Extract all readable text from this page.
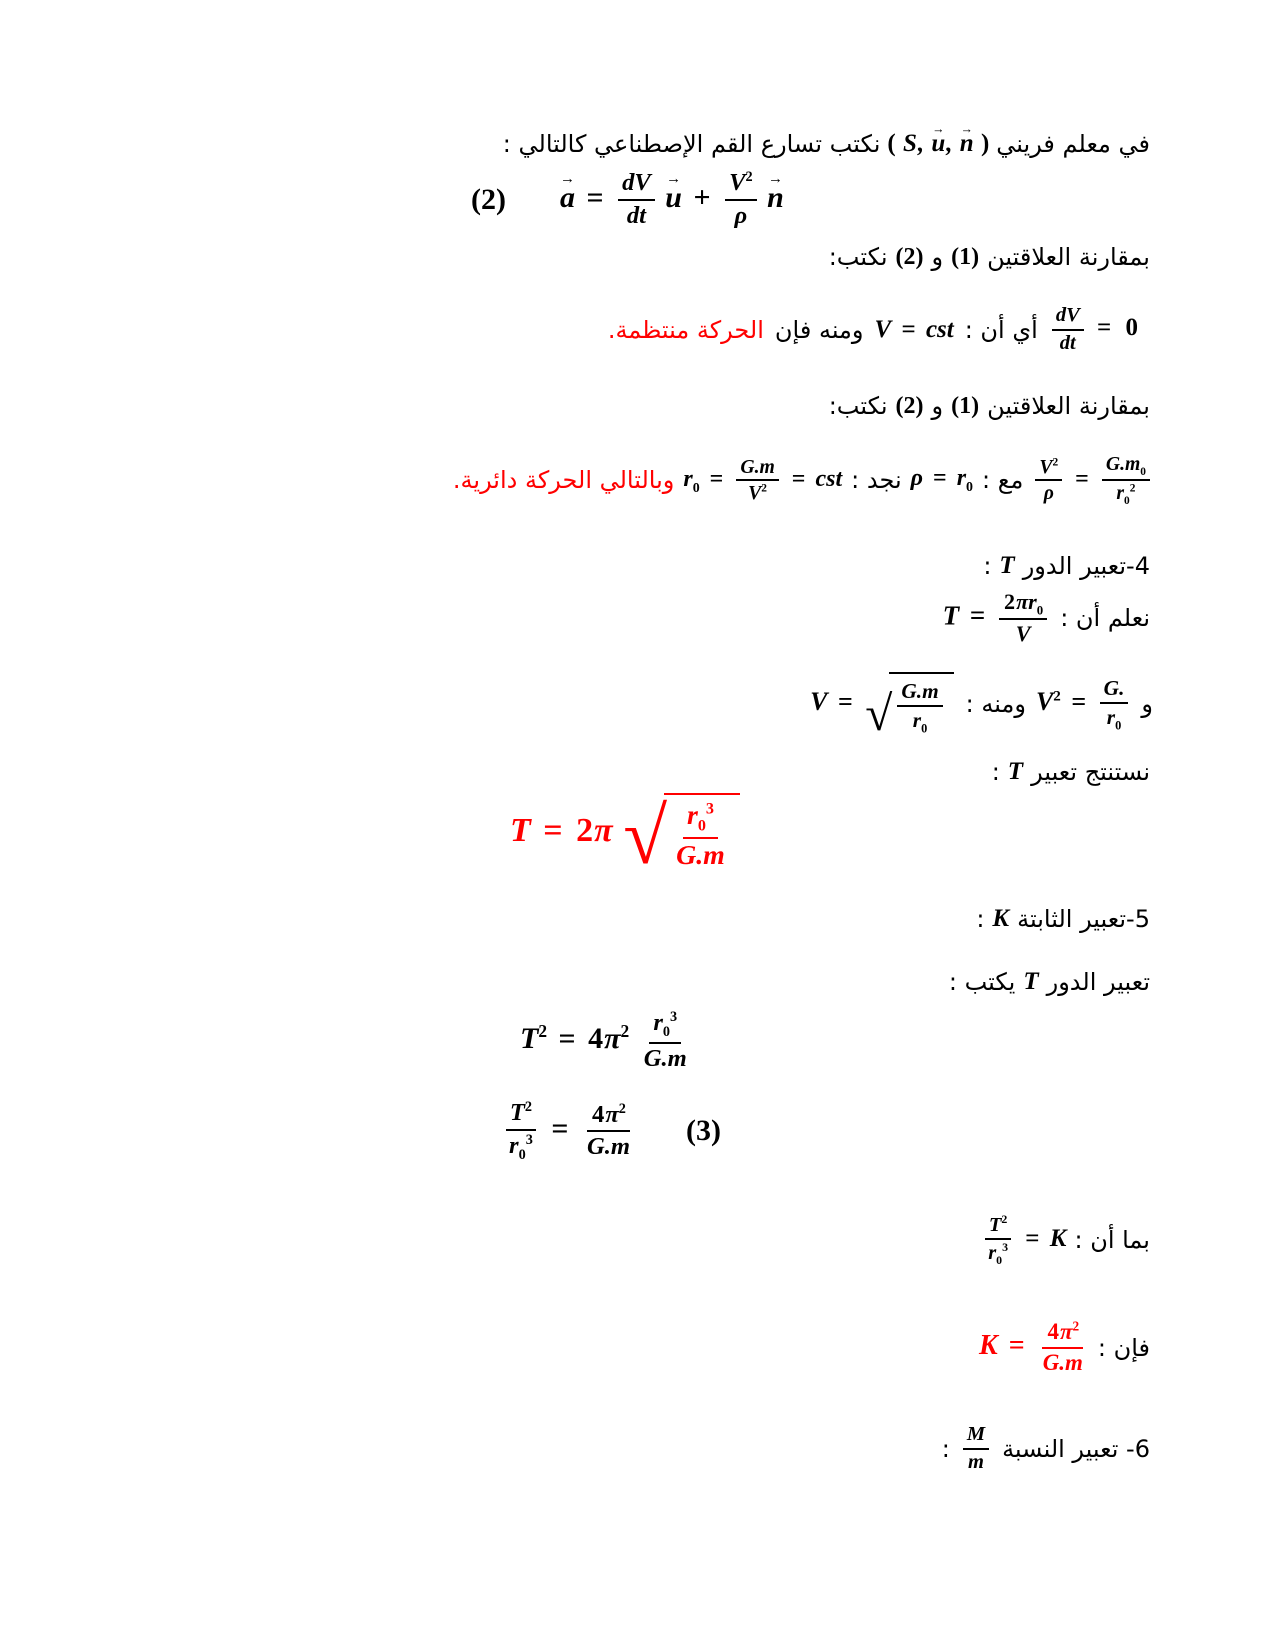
في معلم فريني
( S, u →, n → )
نكتب تسارع القم الإصطناعي كالتالي :
(2) a → = $\frac{dV}{dt}$ u → + $\frac{V^2}{\rho}$ n →
بمقارنة العلاقتين
(1)
و
(2)
نكتب:
$\frac{dV}{dt} = 0$
أي أن :
V = cst
ومنه فإن
الحركة منتظمة.
بمقارنة العلاقتين
(1)
و
(2)
نكتب:
$\frac{V^2}{\rho} = \frac{G.m_0}{r_0^2}$
مع :
$\rho = r_0$
نجد :
$r_0 = \frac{G.m}{V^2}$ = cst
وبالتالي الحركة دائرية.
4-تعبير الدور
T
:
نعلم أن :
$T = \frac{2\pi r_0}{V}$
و
$V^2 = \frac{G.}{r_0}$
ومنه :
V = √ $\frac{G.m}{r_0}$
نستنتج تعبير
T
:
T = 2π √ $\frac{r_0^3}{G.m}$
5-تعبير الثابتة
K
:
تعبير الدور
T
يكتب :
$T^2 = 4\pi^2 \frac{r_0^3}{G.m}$
$\frac{T^2}{r_0^3} = \frac{4\pi^2}{G.m} (3)$
بما أن :
$\frac{T^2}{r_0^3} = K$
فإن :
$K = \frac{4\pi^2}{G.m}$
6- تعبير النسبة
$\frac{M}{m}$
:
